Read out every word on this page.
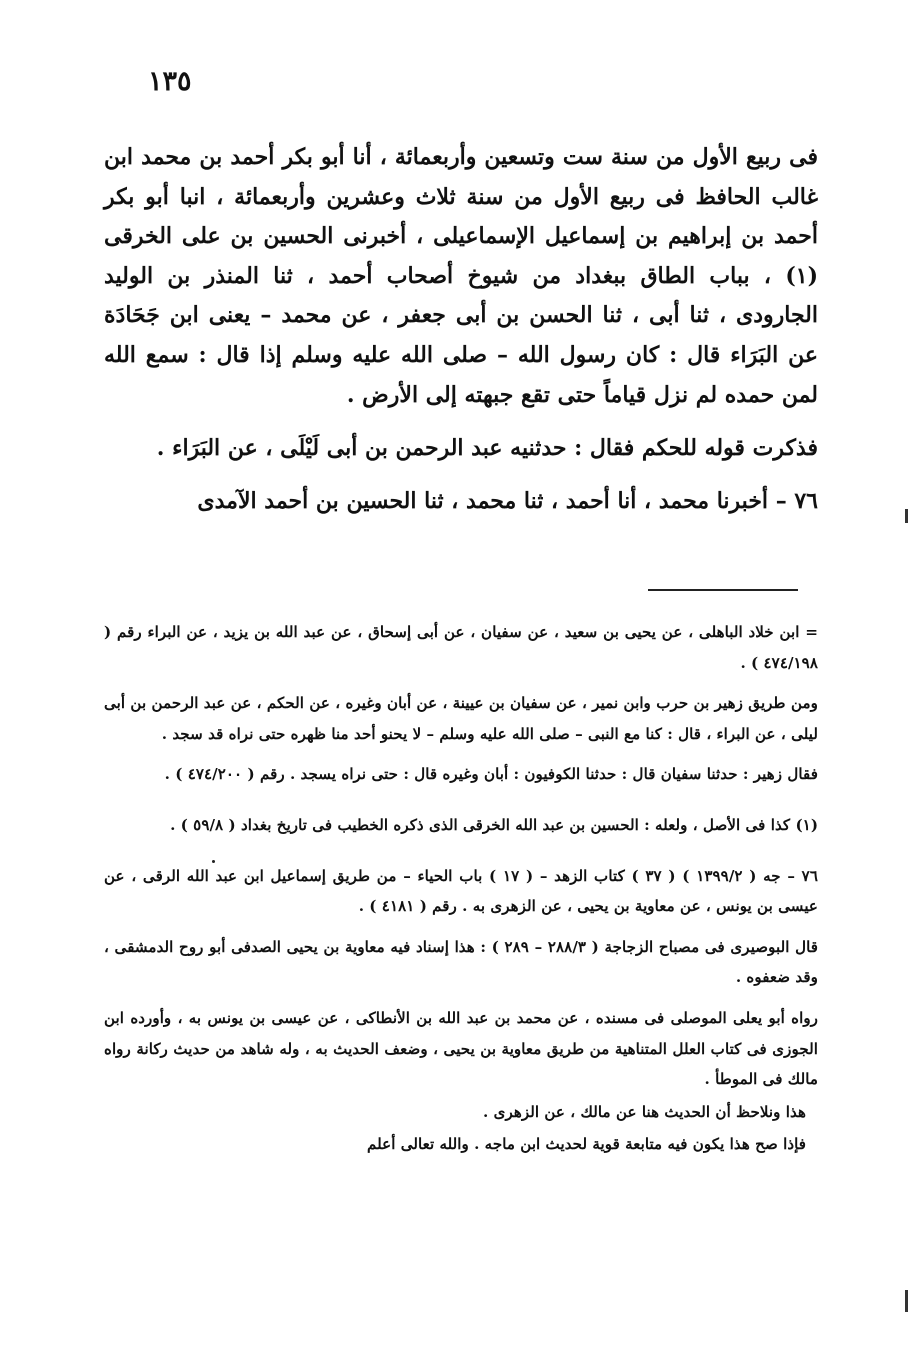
١٣٥

فى ربيع الأول من سنة ست وتسعين وأربعمائة ، أنا أبو بكر أحمد بن محمد ابن غالب الحافظ فى ربيع الأول من سنة ثلاث وعشرين وأربعمائة ، انبا أبو بكر أحمد بن إبراهيم بن إسماعيل الإسماعيلى ، أخبرنى الحسين بن على الخرقى (١) ، بباب الطاق ببغداد من شيوخ أصحاب أحمد ، ثنا المنذر بن الوليد الجارودى ، ثنا أبى ، ثنا الحسن بن أبى جعفر ، عن محمد – يعنى ابن جَحَادَة عن البَرَاء قال : كان رسول الله – صلى الله عليه وسلم إذا قال : سمع الله لمن حمده لم نزل قياماً حتى تقع جبهته إلى الأرض .

فذكرت قوله للحكم فقال : حدثنيه عبد الرحمن بن أبى لَيْلَى ، عن البَرَاء .

٧٦ – أخبرنا محمد ، أنا أحمد ، ثنا محمد ، ثنا الحسين بن أحمد الآمدى

= ابن خلاد الباهلى ، عن يحيى بن سعيد ، عن سفيان ، عن أبى إسحاق ، عن عبد الله بن يزيد ، عن البراء رقم ( ٤٧٤/١٩٨ ) .

ومن طريق زهير بن حرب وابن نمير ، عن سفيان بن عيينة ، عن أبان وغيره ، عن الحكم ، عن عبد الرحمن بن أبى ليلى ، عن البراء ، قال : كنا مع النبى – صلى الله عليه وسلم – لا يحنو أحد منا ظهره حتى نراه قد سجد .

فقال زهير : حدثنا سفيان قال : حدثنا الكوفيون : أبان وغيره قال : حتى نراه يسجد . رقم ( ٤٧٤/٢٠٠ ) .

(١) كذا فى الأصل ، ولعله : الحسين بن عبد الله الخرقى الذى ذكره الخطيب فى تاريخ بغداد ( ٥٩/٨ ) .

٧٦ – جه ( ١٣٩٩/٢ ) ( ٣٧ ) كتاب الزهد – ( ١٧ ) باب الحياء – من طريق إسماعيل ابن عبد الله الرقى ، عن عيسى بن يونس ، عن معاوية بن يحيى ، عن الزهرى به . رقم ( ٤١٨١ ) .

قال البوصيرى فى مصباح الزجاجة ( ٢٨٨/٣ – ٢٨٩ ) : هذا إسناد فيه معاوية بن يحيى الصدفى أبو روح الدمشقى ، وقد ضعفوه .

رواه أبو يعلى الموصلى فى مسنده ، عن محمد بن عبد الله بن الأنطاكى ، عن عيسى بن يونس به ، وأورده ابن الجوزى فى كتاب العلل المتناهية من طريق معاوية بن يحيى ، وضعف الحديث به ، وله شاهد من حديث ركانة رواه مالك فى الموطأ .

هذا ونلاحظ أن الحديث هنا عن مالك ، عن الزهرى .

فإذا صح هذا يكون فيه متابعة قوية لحديث ابن ماجه . والله تعالى أعلم
